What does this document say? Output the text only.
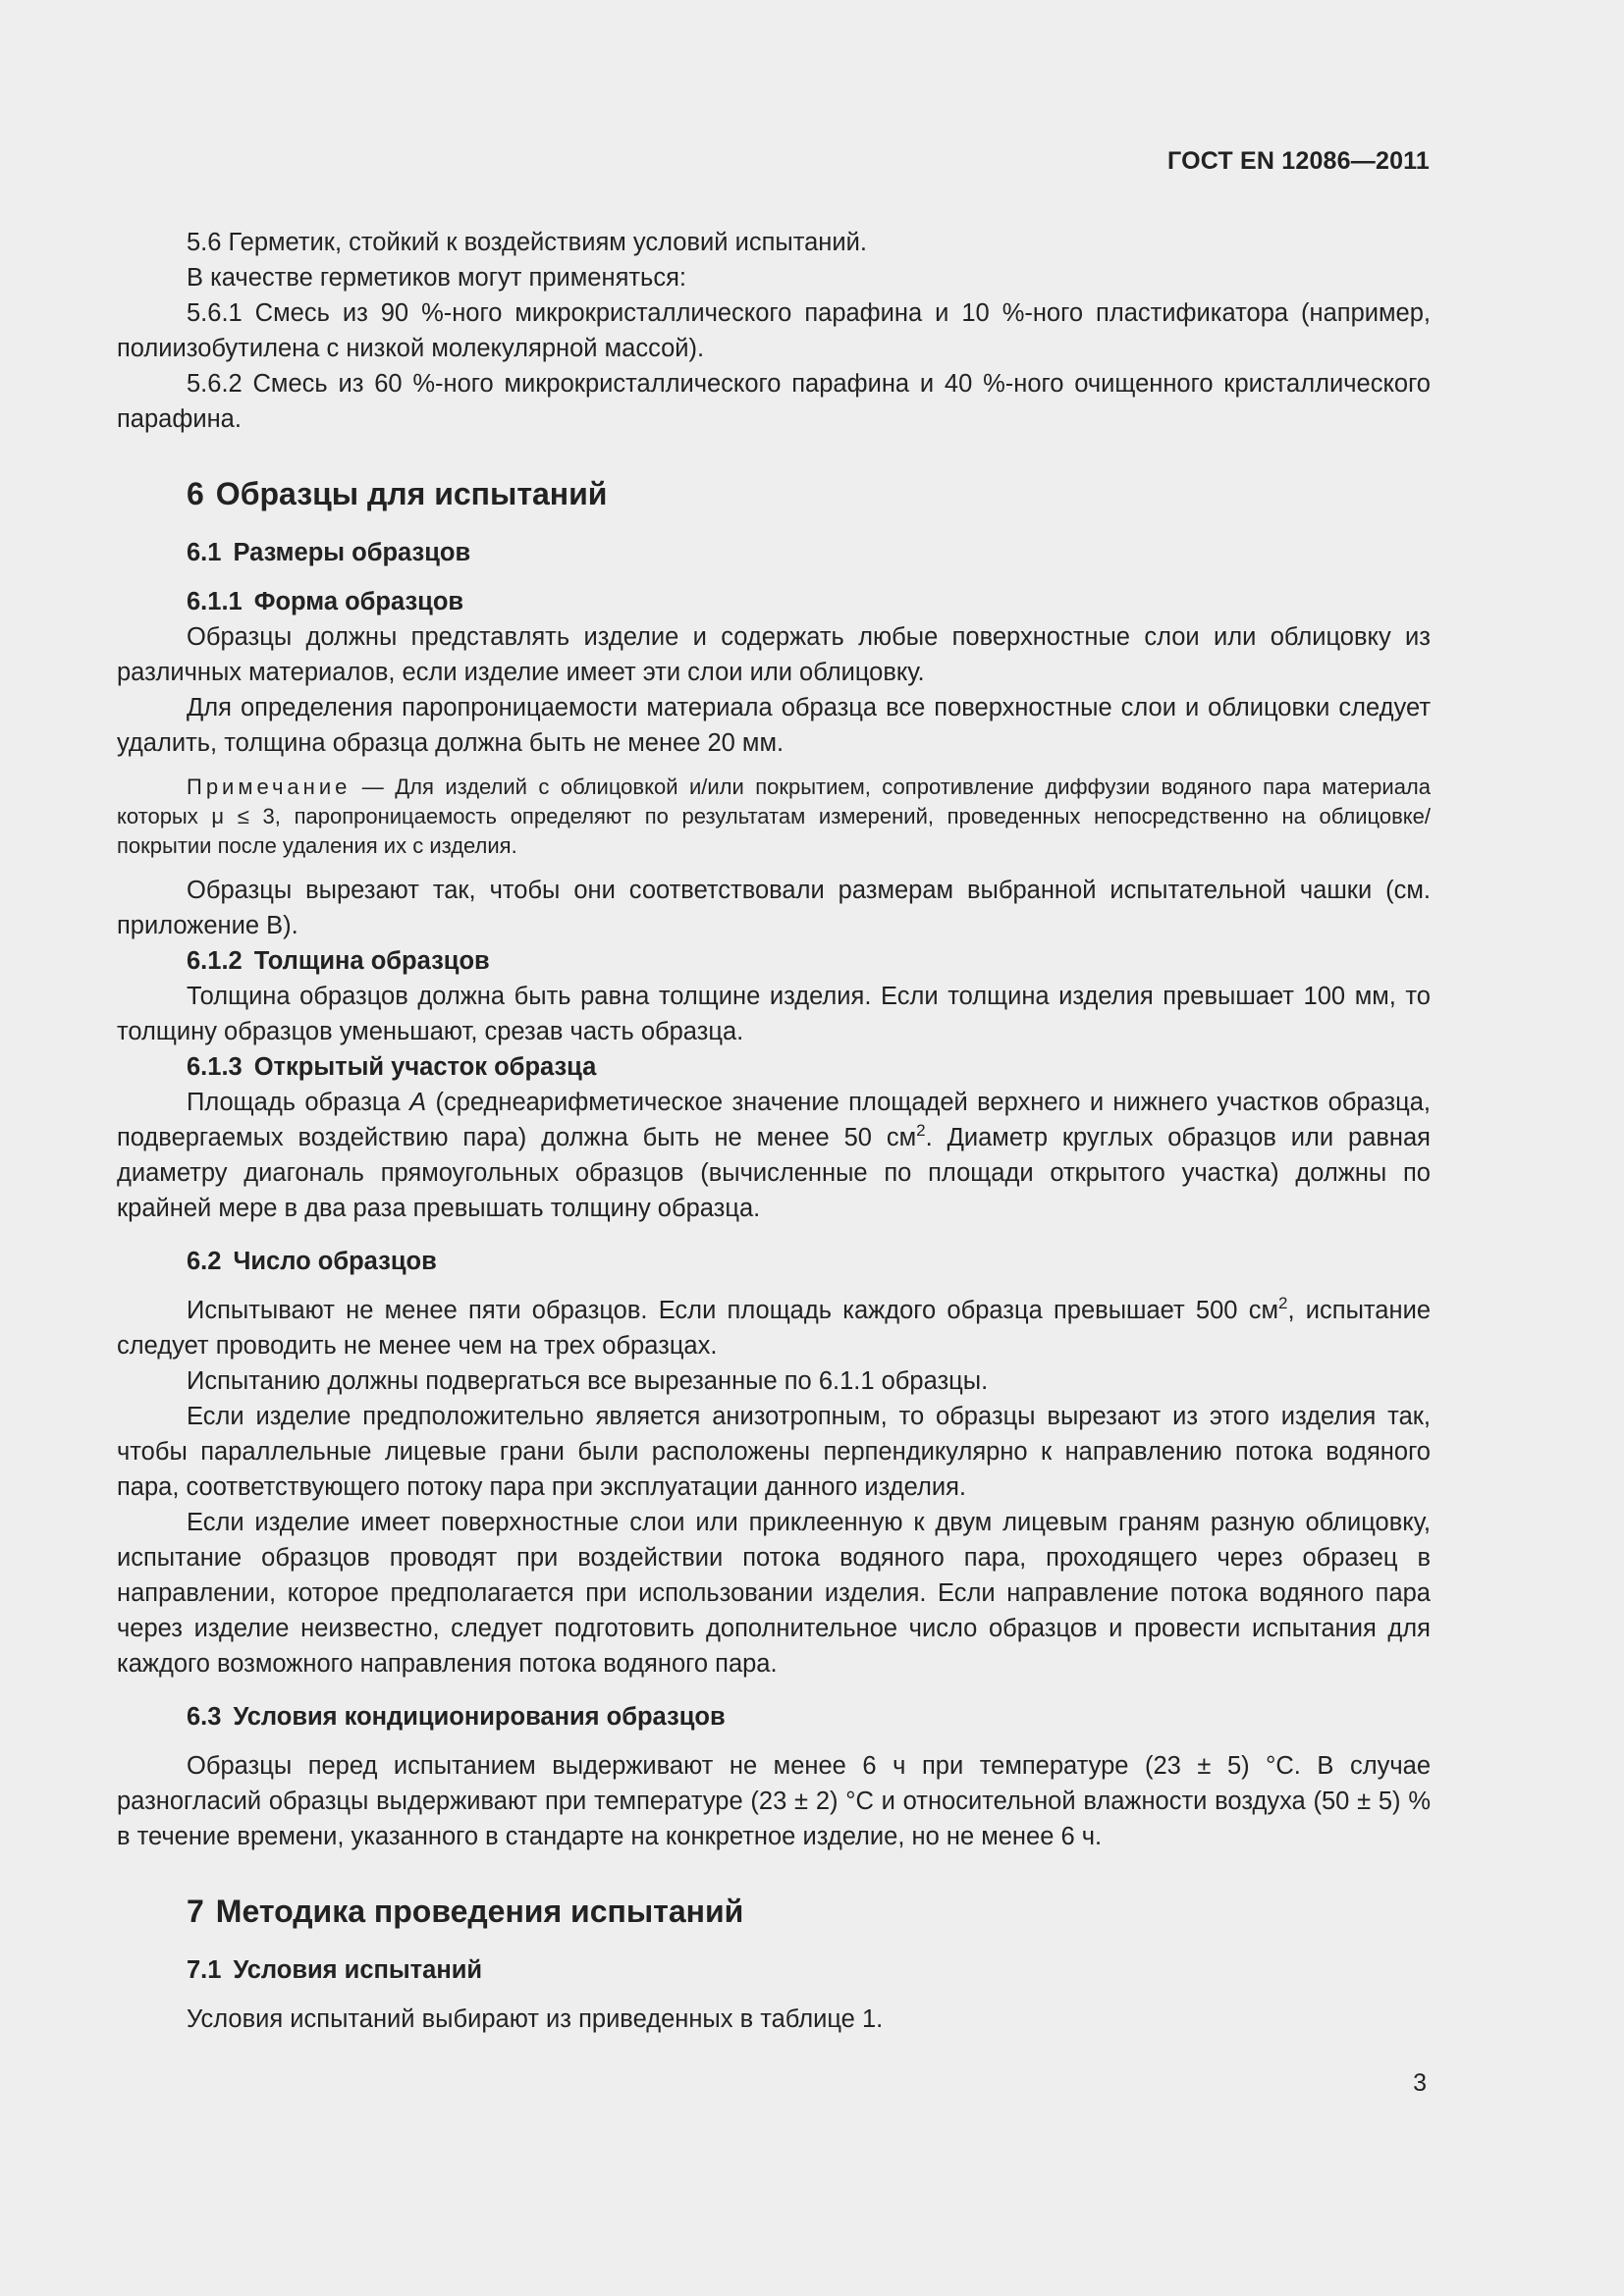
ГОСТ EN 12086—2011

5.6 Герметик, стойкий к воздействиям условий испытаний.

В качестве герметиков могут применяться:

5.6.1 Смесь из 90 %-ного микрокристаллического парафина и 10 %-ного пластификатора (например, полиизобутилена с низкой молекулярной массой).

5.6.2 Смесь из 60 %-ного микрокристаллического парафина и 40 %-ного очищенного кристаллического парафина.

6 Образцы для испытаний
6.1 Размеры образцов
6.1.1 Форма образцов

Образцы должны представлять изделие и содержать любые поверхностные слои или облицовку из различных материалов, если изделие имеет эти слои или облицовку.

Для определения паропроницаемости материала образца все поверхностные слои и облицовки следует удалить, толщина образца должна быть не менее 20 мм.

Примечание — Для изделий с облицовкой и/или покрытием, сопротивление диффузии водяного пара материала которых μ ≤ 3, паропроницаемость определяют по результатам измерений, проведенных непосредственно на облицовке/покрытии после удаления их с изделия.

Образцы вырезают так, чтобы они соответствовали размерам выбранной испытательной чашки (см. приложение В).

6.1.2 Толщина образцов

Толщина образцов должна быть равна толщине изделия. Если толщина изделия превышает 100 мм, то толщину образцов уменьшают, срезав часть образца.

6.1.3 Открытый участок образца

Площадь образца A (среднеарифметическое значение площадей верхнего и нижнего участков образца, подвергаемых воздействию пара) должна быть не менее 50 $см^2$. Диаметр круглых образцов или равная диаметру диагональ прямоугольных образцов (вычисленные по площади открытого участка) должны по крайней мере в два раза превышать толщину образца.

6.2 Число образцов

Испытывают не менее пяти образцов. Если площадь каждого образца превышает 500 $см^2$, испытание следует проводить не менее чем на трех образцах.

Испытанию должны подвергаться все вырезанные по 6.1.1 образцы.

Если изделие предположительно является анизотропным, то образцы вырезают из этого изделия так, чтобы параллельные лицевые грани были расположены перпендикулярно к направлению потока водяного пара, соответствующего потоку пара при эксплуатации данного изделия.

Если изделие имеет поверхностные слои или приклеенную к двум лицевым граням разную облицовку, испытание образцов проводят при воздействии потока водяного пара, проходящего через образец в направлении, которое предполагается при использовании изделия. Если направление потока водяного пара через изделие неизвестно, следует подготовить дополнительное число образцов и провести испытания для каждого возможного направления потока водяного пара.

6.3 Условия кондиционирования образцов

Образцы перед испытанием выдерживают не менее 6 ч при температуре (23 ± 5) °С. В случае разногласий образцы выдерживают при температуре (23 ± 2) °С и относительной влажности воздуха (50 ± 5) % в течение времени, указанного в стандарте на конкретное изделие, но не менее 6 ч.

7 Методика проведения испытаний
7.1 Условия испытаний

Условия испытаний выбирают из приведенных в таблице 1.

3
